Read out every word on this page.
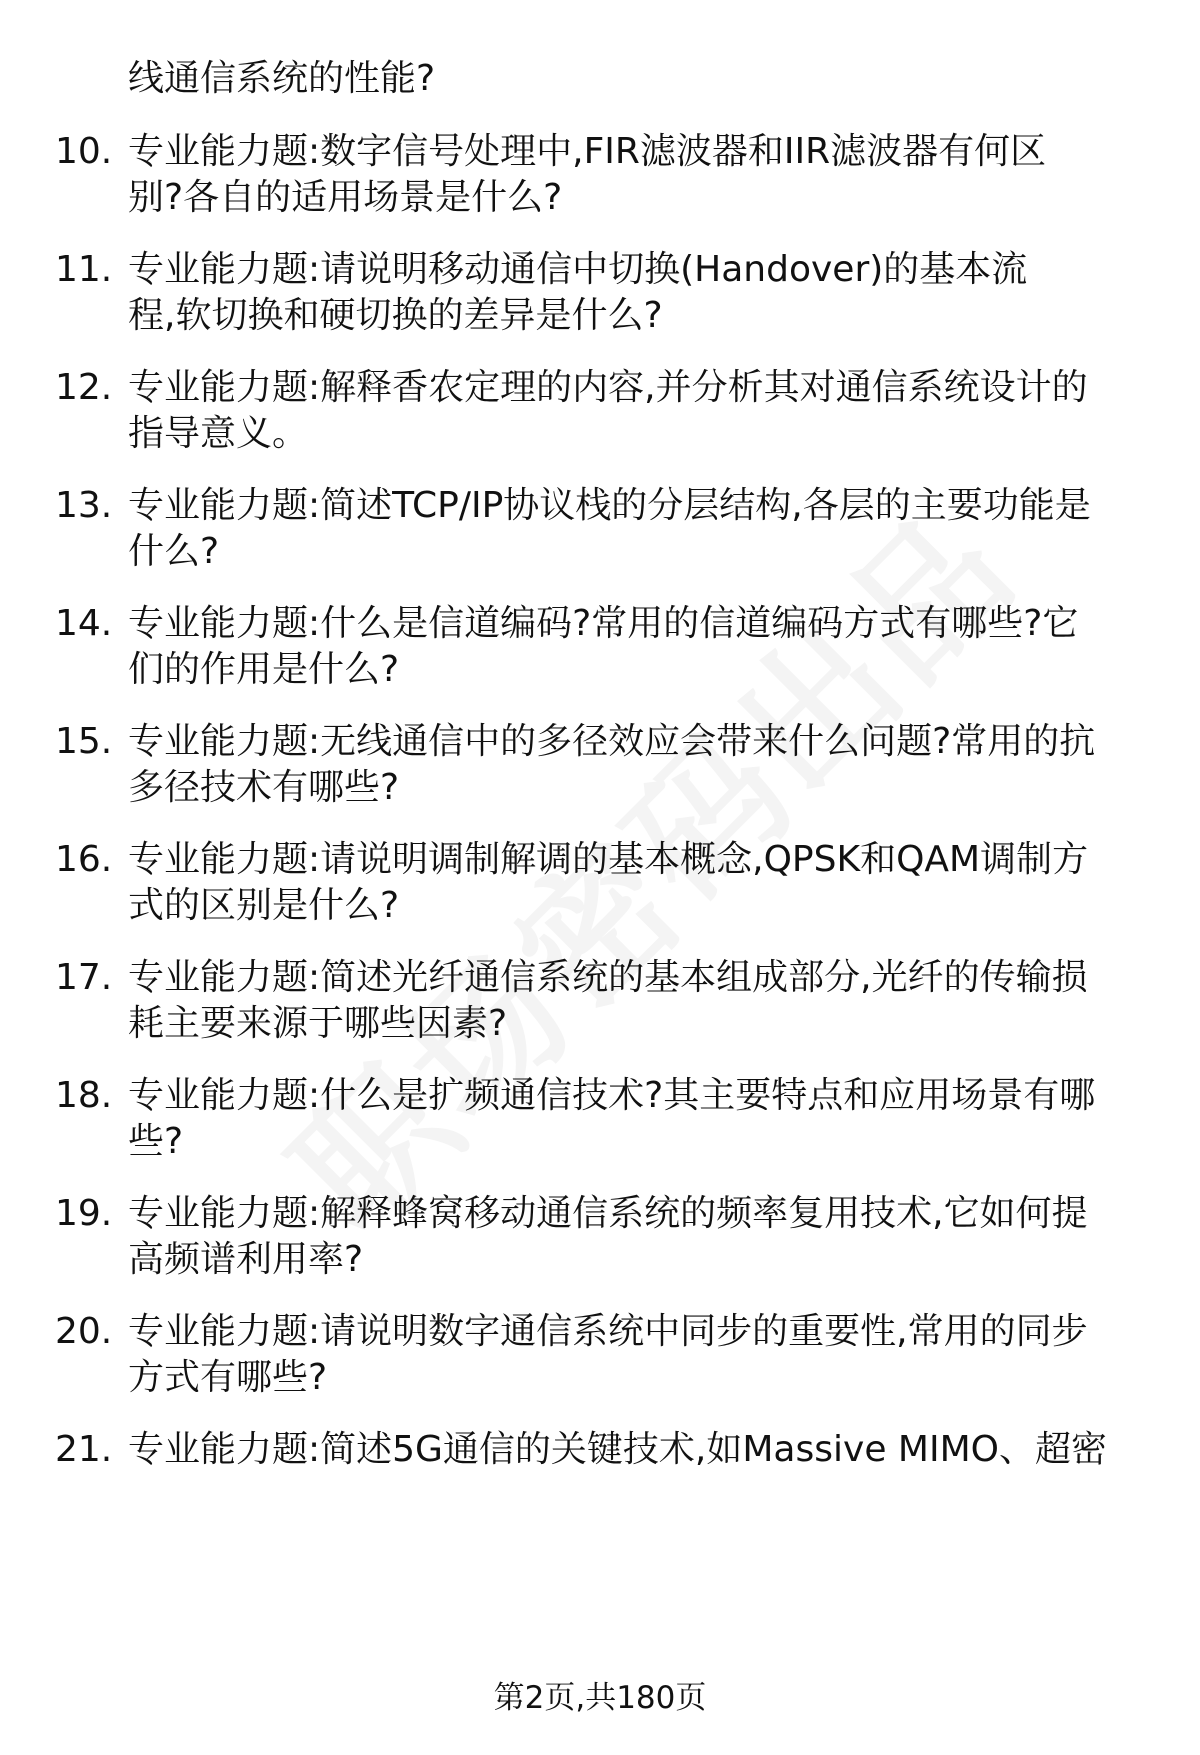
线通信系统的性能?
10. 专业能力题:数字信号处理中,FIR滤波器和IIR滤波器有何区
别?各自的适用场景是什么?
11. 专业能力题:请说明移动通信中切换(Handover)的基本流
程,软切换和硬切换的差异是什么?
12. 专业能力题:解释香农定理的内容,并分析其对通信系统设计的
指导意义。
13. 专业能力题:简述TCP/IP协议栈的分层结构,各层的主要功能是
什么?
14. 专业能力题:什么是信道编码?常用的信道编码方式有哪些?它
们的作用是什么?
15. 专业能力题:无线通信中的多径效应会带来什么问题?常用的抗
多径技术有哪些?
16. 专业能力题:请说明调制解调的基本概念,QPSK和QAM调制方
式的区别是什么?
17. 专业能力题:简述光纤通信系统的基本组成部分,光纤的传输损
耗主要来源于哪些因素?
18. 专业能力题:什么是扩频通信技术?其主要特点和应用场景有哪
些?
19. 专业能力题:解释蜂窝移动通信系统的频率复用技术,它如何提
高频谱利用率?
20. 专业能力题:请说明数字通信系统中同步的重要性,常用的同步
方式有哪些?
21. 专业能力题:简述5G通信的关键技术,如Massive MIMO、超密
第2页,共180页
